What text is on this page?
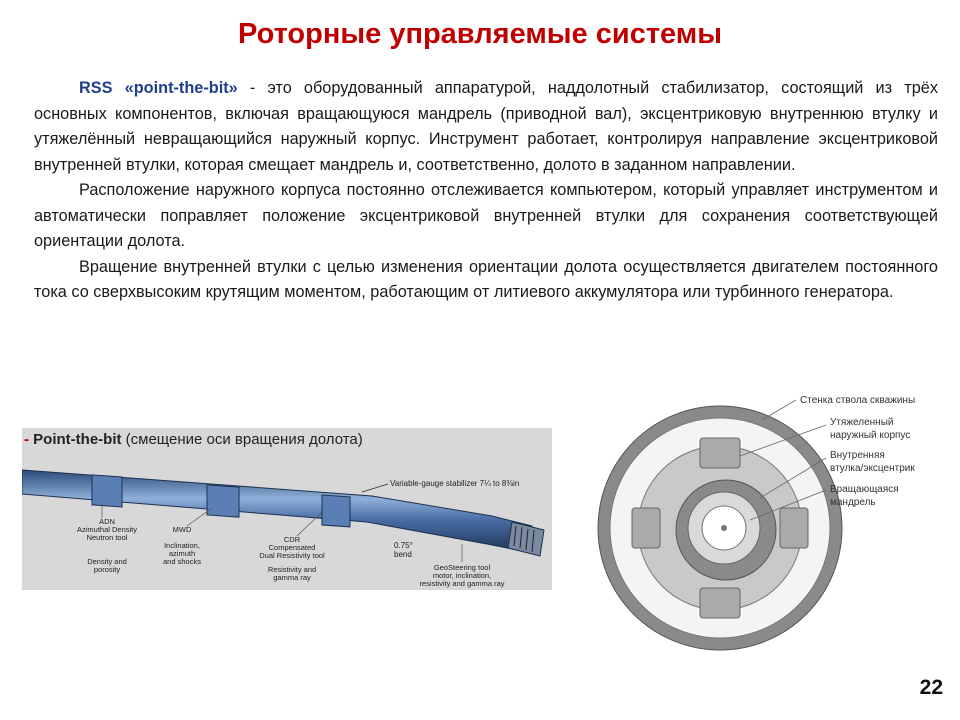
Роторные управляемые системы

RSS «point-the-bit» - это оборудованный аппаратурой, наддолотный стабилизатор, состоящий из трёх основных компонентов, включая вращающуюся мандрель (приводной вал), эксцентриковую внутреннюю втулку и утяжелённый невращающийся наружный корпус. Инструмент работает, контролируя направление эксцентриковой внутренней втулки, которая смещает мандрель и, соответственно, долото в заданном направлении.

Расположение наружного корпуса постоянно отслеживается компьютером, который управляет инструментом и автоматически поправляет положение эксцентриковой внутренней втулки для сохранения соответствующей ориентации долота.

Вращение внутренней втулки с целью изменения ориентации долота осуществляется двигателем постоянного тока со сверхвысоким крутящим моментом, работающим от литиевого аккумулятора или турбинного генератора.

- Point-the-bit (смещение оси вращения долота)
Variable-gauge stabilizer 7¼ to 8⅜in
0.75°
bend
ADN
Azimuthal Density
Neutron tool
Density and
porosity
MWD
Inclination,
azimuth
and shocks
CDR
Compensated
Dual Resistivity tool
Resistivity and
gamma ray
GeoSteering tool
motor, inclination,
resistivity and gamma ray
Стенка ствола скважины
Утяжеленный
наружный корпус
Внутренняя
втулка/эксцентрик
Вращающаяся
мандрель
22
